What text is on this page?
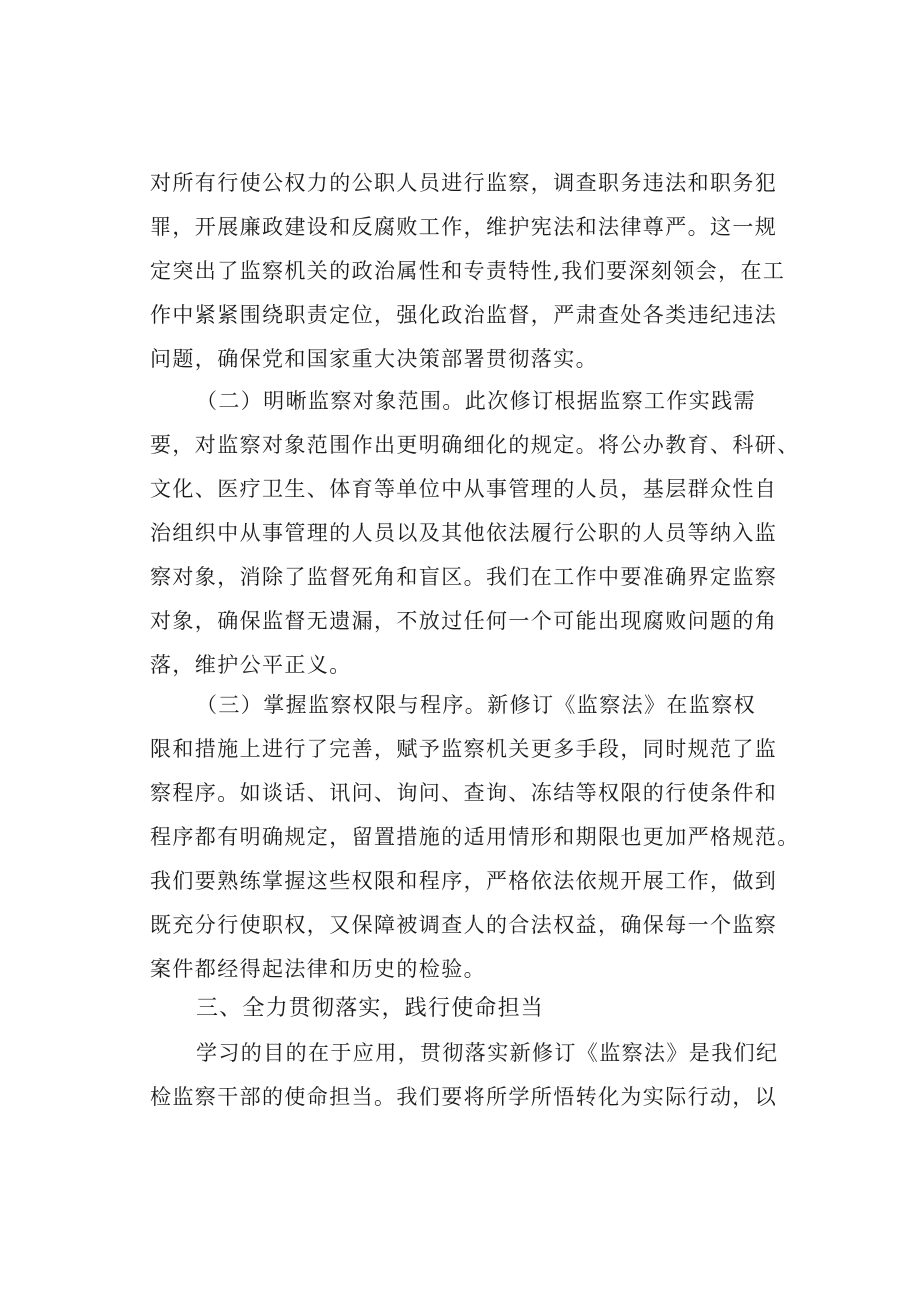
对所有行使公权力的公职人员进行监察，调查职务违法和职务犯

罪，开展廉政建设和反腐败工作，维护宪法和法律尊严。这一规

定突出了监察机关的政治属性和专责特性,我们要深刻领会，在工

作中紧紧围绕职责定位，强化政治监督，严肃查处各类违纪违法

问题，确保党和国家重大决策部署贯彻落实。

（二）明晰监察对象范围。此次修订根据监察工作实践需

要，对监察对象范围作出更明确细化的规定。将公办教育、科研、

文化、医疗卫生、体育等单位中从事管理的人员，基层群众性自

治组织中从事管理的人员以及其他依法履行公职的人员等纳入监

察对象，消除了监督死角和盲区。我们在工作中要准确界定监察

对象，确保监督无遗漏，不放过任何一个可能出现腐败问题的角

落，维护公平正义。

（三）掌握监察权限与程序。新修订《监察法》在监察权

限和措施上进行了完善，赋予监察机关更多手段，同时规范了监

察程序。如谈话、讯问、询问、查询、冻结等权限的行使条件和

程序都有明确规定，留置措施的适用情形和期限也更加严格规范。

我们要熟练掌握这些权限和程序，严格依法依规开展工作，做到

既充分行使职权，又保障被调查人的合法权益，确保每一个监察

案件都经得起法律和历史的检验。

三、全力贯彻落实，践行使命担当

学习的目的在于应用，贯彻落实新修订《监察法》是我们纪

检监察干部的使命担当。我们要将所学所悟转化为实际行动，以
